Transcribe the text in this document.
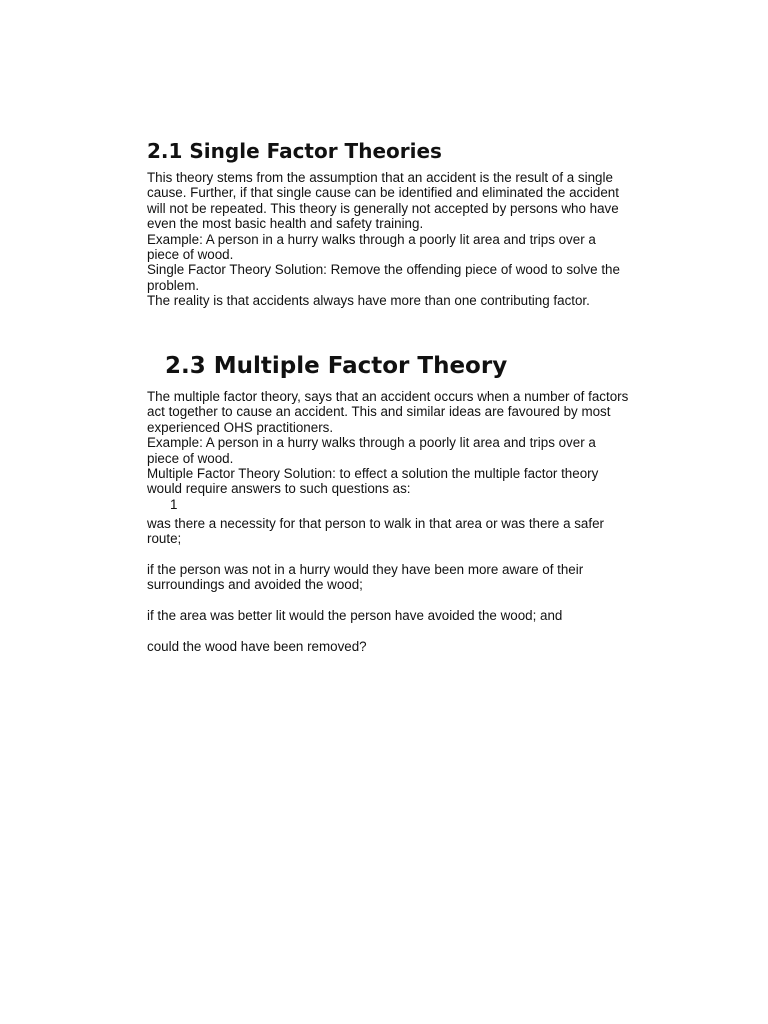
2.1 Single Factor Theories

This theory stems from the assumption that an accident is the result of a single
cause. Further, if that single cause can be identified and eliminated the accident
will not be repeated. This theory is generally not accepted by persons who have
even the most basic health and safety training.
Example: A person in a hurry walks through a poorly lit area and trips over a
piece of wood.
Single Factor Theory Solution: Remove the offending piece of wood to solve the
problem.
The reality is that accidents always have more than one contributing factor.

2.3 Multiple Factor Theory

The multiple factor theory, says that an accident occurs when a number of factors
act together to cause an accident. This and similar ideas are favoured by most
experienced OHS practitioners.
Example: A person in a hurry walks through a poorly lit area and trips over a
piece of wood.
Multiple Factor Theory Solution: to effect a solution the multiple factor theory
would require answers to such questions as:

1
was there a necessity for that person to walk in that area or was there a safer
route;
if the person was not in a hurry would they have been more aware of their
surroundings and avoided the wood;
if the area was better lit would the person have avoided the wood; and
could the wood have been removed?
